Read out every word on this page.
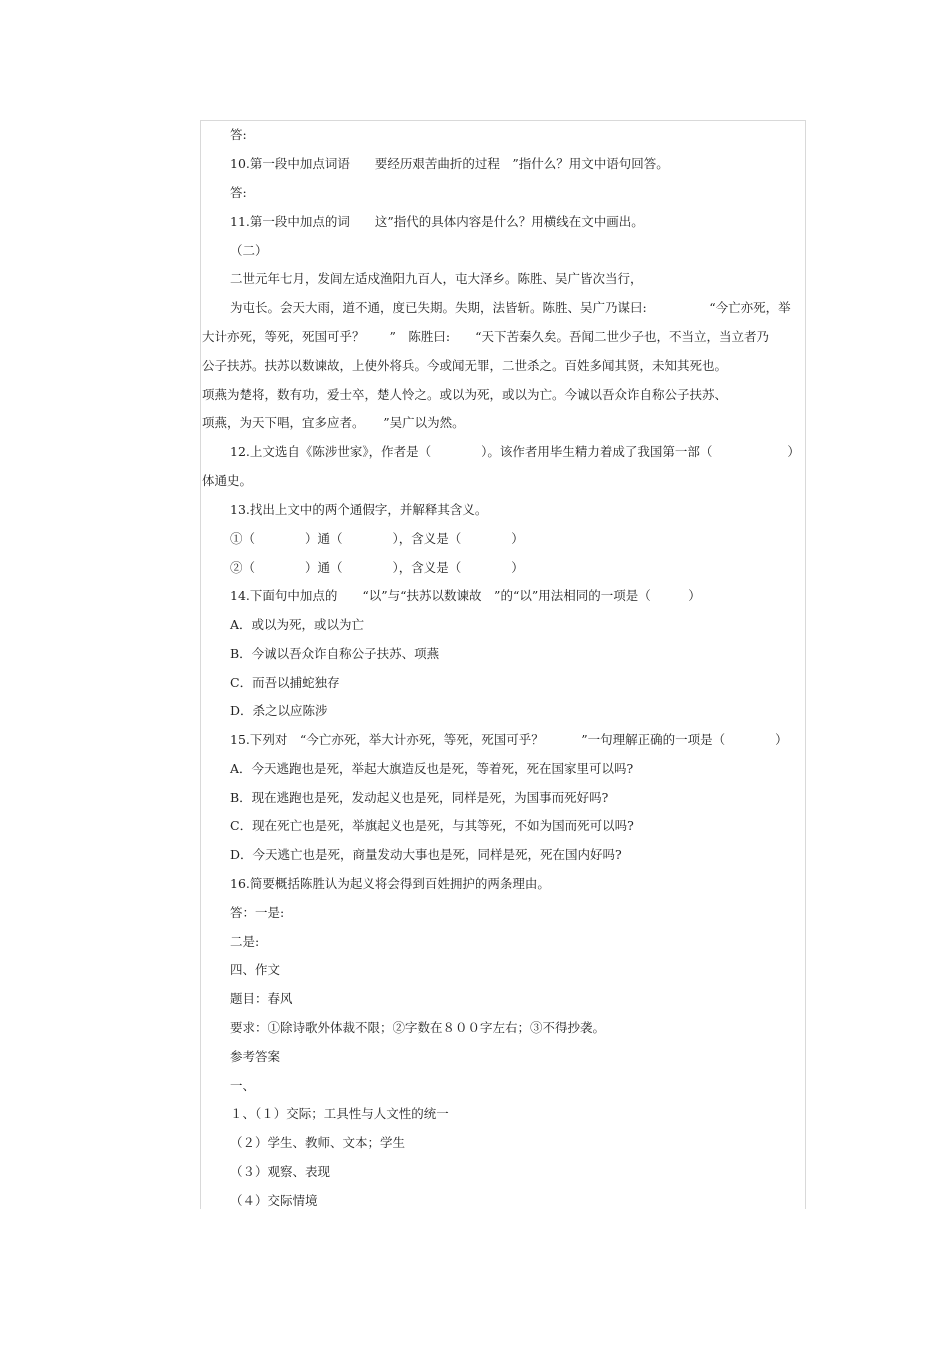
答:
10.第一段中加点词语　　要经历艰苦曲折的过程　”指什么？用文中语句回答。
答:
11.第一段中加点的词　　这”指代的具体内容是什么？用横线在文中画出。
（二）
二世元年七月，发闾左适戍渔阳九百人，屯大泽乡。陈胜、吴广皆次当行，
为屯长。会天大雨，道不通，度已失期。失期，法皆斩。陈胜、吴广乃谋曰:　　　　　“今亡亦死，举
大计亦死，等死，死国可乎？　　”　陈胜曰:　　“天下苦秦久矣。吾闻二世少子也，不当立，当立者乃
公子扶苏。扶苏以数谏故，上使外将兵。今或闻无罪，二世杀之。百姓多闻其贤，未知其死也。
项燕为楚将，数有功，爱士卒，楚人怜之。或以为死，或以为亡。今诚以吾众诈自称公子扶苏、
项燕，为天下唱，宜多应者。　　”吴广以为然。
12.上文选自《陈涉世家》，作者是（　　　　）。该作者用毕生精力着成了我国第一部（　　　　　　）
体通史。
13.找出上文中的两个通假字，并解释其含义。
①（　　　　）通（　　　　），含义是（　　　　）
②（　　　　）通（　　　　），含义是（　　　　）
14.下面句中加点的　　“以”与“扶苏以数谏故　”的“以”用法相同的一项是（　　　）
A．或以为死，或以为亡
B．今诚以吾众诈自称公子扶苏、项燕
C．而吾以捕蛇独存
D．杀之以应陈涉
15.下列对　“今亡亦死，举大计亦死，等死，死国可乎？　　　”一句理解正确的一项是（　　　　）
A．今天逃跑也是死，举起大旗造反也是死，等着死，死在国家里可以吗?
B．现在逃跑也是死，发动起义也是死，同样是死，为国事而死好吗?
C．现在死亡也是死，举旗起义也是死，与其等死，不如为国而死可以吗?
D．今天逃亡也是死，商量发动大事也是死，同样是死，死在国内好吗?
16.简要概括陈胜认为起义将会得到百姓拥护的两条理由。
答：一是:
二是:
四、作文
题目：春风
要求：①除诗歌外体裁不限；②字数在８００字左右；③不得抄袭。
参考答案
一、
１、（１）交际；工具性与人文性的统一
（２）学生、教师、文本；学生
（３）观察、表现
（４）交际情境
